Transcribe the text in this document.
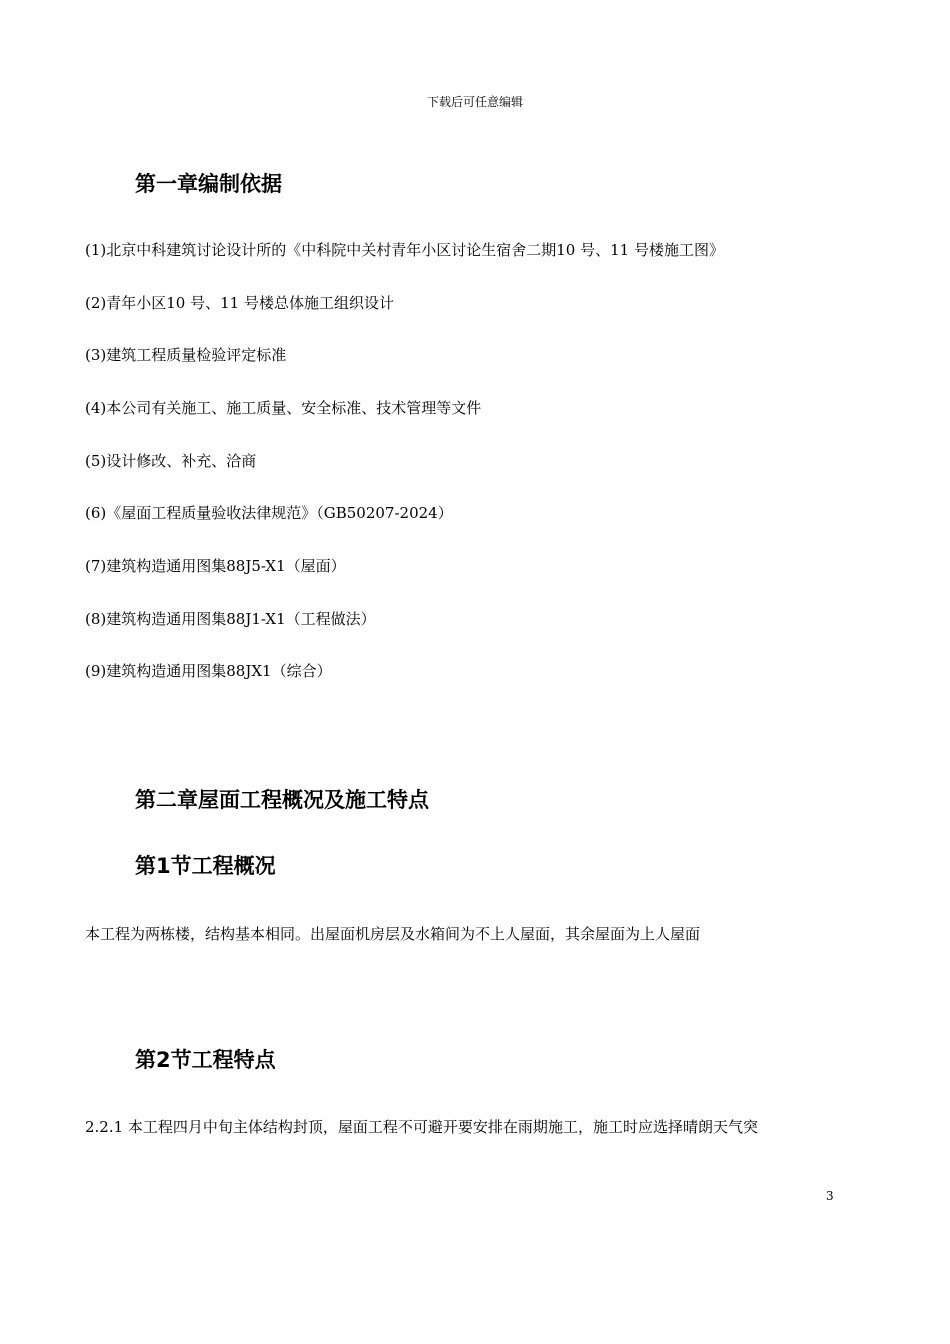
下载后可任意编辑
第一章编制依据
(1)北京中科建筑讨论设计所的《中科院中关村青年小区讨论生宿舍二期10 号、11 号楼施工图》
(2)青年小区10 号、11 号楼总体施工组织设计
(3)建筑工程质量检验评定标准
(4)本公司有关施工、施工质量、安全标准、技术管理等文件
(5)设计修改、补充、洽商
(6)《屋面工程质量验收法律规范》（GB50207-2024）
(7)建筑构造通用图集88J5-X1（屋面）
(8)建筑构造通用图集88J1-X1（工程做法）
(9)建筑构造通用图集88JX1（综合）
第二章屋面工程概况及施工特点
第1节工程概况
本工程为两栋楼，结构基本相同。出屋面机房层及水箱间为不上人屋面，其余屋面为上人屋面
第2节工程特点
2.2.1 本工程四月中旬主体结构封顶，屋面工程不可避开要安排在雨期施工，施工时应选择晴朗天气突
3
